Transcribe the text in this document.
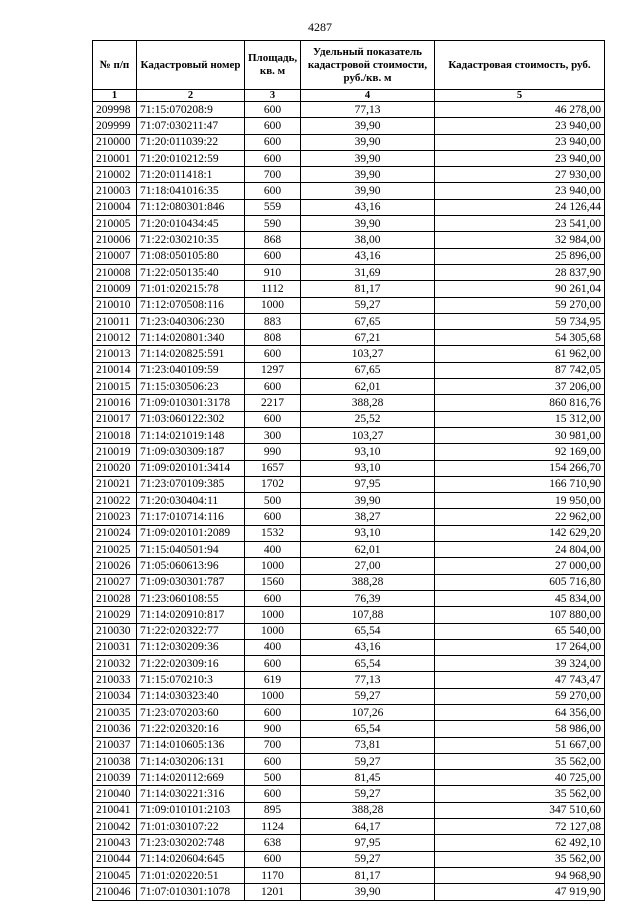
4287
№ п/п	Кадастровый номер	Площадь, кв. м	Удельный показатель кадастровой стоимости, руб./кв. м	Кадастровая стоимость, руб.
1	2	3	4	5
209998	71:15:070208:9	600	77,13	46 278,00
209999	71:07:030211:47	600	39,90	23 940,00
210000	71:20:011039:22	600	39,90	23 940,00
210001	71:20:010212:59	600	39,90	23 940,00
210002	71:20:011418:1	700	39,90	27 930,00
210003	71:18:041016:35	600	39,90	23 940,00
210004	71:12:080301:846	559	43,16	24 126,44
210005	71:20:010434:45	590	39,90	23 541,00
210006	71:22:030210:35	868	38,00	32 984,00
210007	71:08:050105:80	600	43,16	25 896,00
210008	71:22:050135:40	910	31,69	28 837,90
210009	71:01:020215:78	1112	81,17	90 261,04
210010	71:12:070508:116	1000	59,27	59 270,00
210011	71:23:040306:230	883	67,65	59 734,95
210012	71:14:020801:340	808	67,21	54 305,68
210013	71:14:020825:591	600	103,27	61 962,00
210014	71:23:040109:59	1297	67,65	87 742,05
210015	71:15:030506:23	600	62,01	37 206,00
210016	71:09:010301:3178	2217	388,28	860 816,76
210017	71:03:060122:302	600	25,52	15 312,00
210018	71:14:021019:148	300	103,27	30 981,00
210019	71:09:030309:187	990	93,10	92 169,00
210020	71:09:020101:3414	1657	93,10	154 266,70
210021	71:23:070109:385	1702	97,95	166 710,90
210022	71:20:030404:11	500	39,90	19 950,00
210023	71:17:010714:116	600	38,27	22 962,00
210024	71:09:020101:2089	1532	93,10	142 629,20
210025	71:15:040501:94	400	62,01	24 804,00
210026	71:05:060613:96	1000	27,00	27 000,00
210027	71:09:030301:787	1560	388,28	605 716,80
210028	71:23:060108:55	600	76,39	45 834,00
210029	71:14:020910:817	1000	107,88	107 880,00
210030	71:22:020322:77	1000	65,54	65 540,00
210031	71:12:030209:36	400	43,16	17 264,00
210032	71:22:020309:16	600	65,54	39 324,00
210033	71:15:070210:3	619	77,13	47 743,47
210034	71:14:030323:40	1000	59,27	59 270,00
210035	71:23:070203:60	600	107,26	64 356,00
210036	71:22:020320:16	900	65,54	58 986,00
210037	71:14:010605:136	700	73,81	51 667,00
210038	71:14:030206:131	600	59,27	35 562,00
210039	71:14:020112:669	500	81,45	40 725,00
210040	71:14:030221:316	600	59,27	35 562,00
210041	71:09:010101:2103	895	388,28	347 510,60
210042	71:01:030107:22	1124	64,17	72 127,08
210043	71:23:030202:748	638	97,95	62 492,10
210044	71:14:020604:645	600	59,27	35 562,00
210045	71:01:020220:51	1170	81,17	94 968,90
210046	71:07:010301:1078	1201	39,90	47 919,90
